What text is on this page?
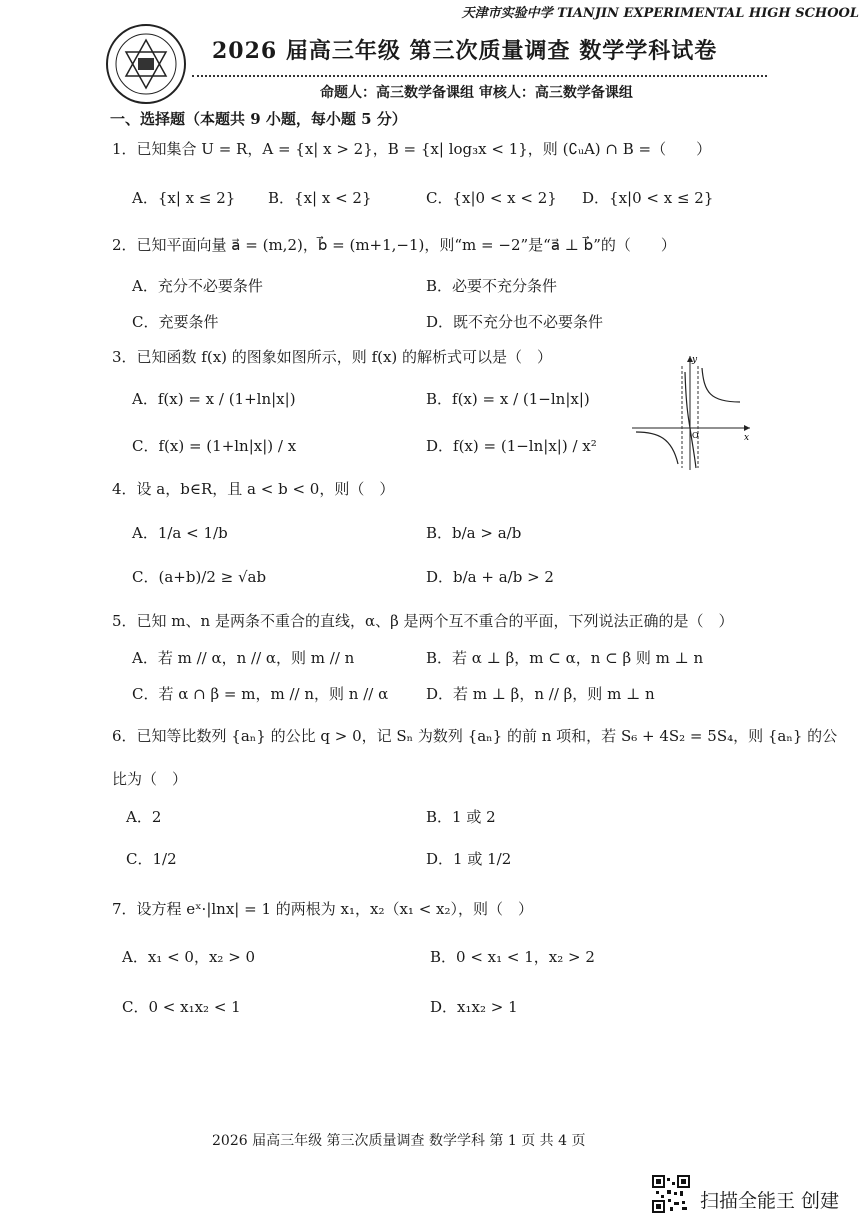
天津市实验中学 TIANJIN EXPERIMENTAL HIGH SCHOOL
2026 届高三年级 第三次质量调查 数学学科试卷
命题人：高三数学备课组 审核人：高三数学备课组
一、选择题（本题共 9 小题，每小题 5 分）
1．已知集合 U = R，A = {x| x > 2}，B = {x| log₃x < 1}，则 (∁ᵤA) ∩ B =（　　）
A．{x| x ≤ 2} B．{x| x < 2}	C．{x|0 < x < 2} D．{x|0 < x ≤ 2}
2．已知平面向量 a⃗ = (m,2)，b⃗ = (m+1,−1)，则“m = −2”是“a⃗ ⊥ b⃗”的（　　）
A．充分不必要条件	B．必要不充分条件
C．充要条件	D．既不充分也不必要条件
3．已知函数 f(x) 的图象如图所示，则 f(x) 的解析式可以是（　）
A．f(x) = x / (1+ln|x|)	B．f(x) = x / (1−ln|x|)
C．f(x) = (1+ln|x|) / x	D．f(x) = (1−ln|x|) / x²
y
x
O
4．设 a，b∈R，且 a < b < 0，则（　）
A．1/a < 1/b	B．b/a > a/b
C．(a+b)/2 ≥ √ab	D．b/a + a/b > 2
5．已知 m、n 是两条不重合的直线，α、β 是两个互不重合的平面，下列说法正确的是（　）
A．若 m // α，n // α，则 m // n	B．若 α ⊥ β，m ⊂ α，n ⊂ β 则 m ⊥ n
C．若 α ∩ β = m，m // n，则 n // α	D．若 m ⊥ β，n // β，则 m ⊥ n
6．已知等比数列 {aₙ} 的公比 q > 0，记 Sₙ 为数列 {aₙ} 的前 n 项和，若 S₆ + 4S₂ = 5S₄，则 {aₙ} 的公
比为（　）
A．2	B．1 或 2
C．1/2	D．1 或 1/2
7．设方程 eˣ·|lnx| = 1 的两根为 x₁，x₂（x₁ < x₂），则（　）
A．x₁ < 0，x₂ > 0	B．0 < x₁ < 1，x₂ > 2
C．0 < x₁x₂ < 1	D．x₁x₂ > 1
2026 届高三年级 第三次质量调查 数学学科 第 1 页 共 4 页
扫描全能王 创建
